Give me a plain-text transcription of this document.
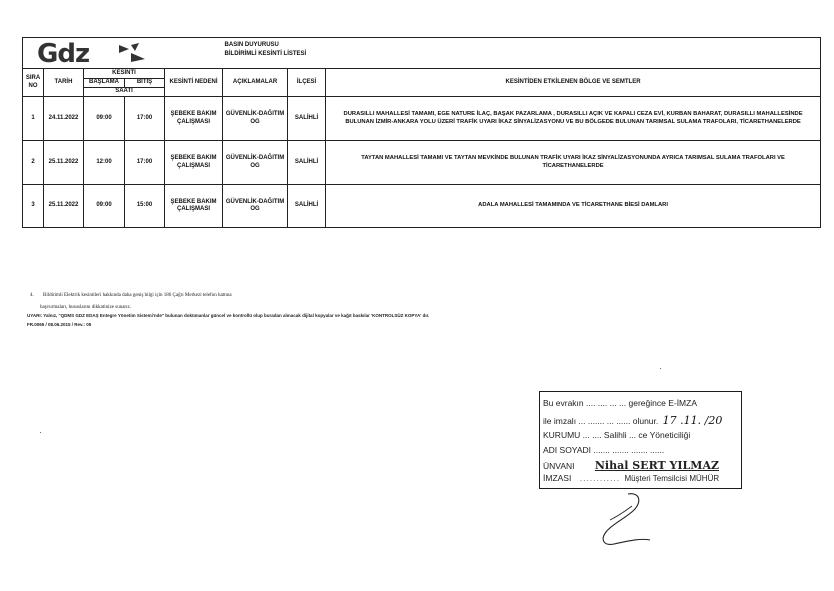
Gdz					BASIN DUYURUSU
BİLDİRİMLİ KESİNTİ LİSTESİ		

SIRA NO	TARİH	KESİNTİ		KESİNTİ NEDENİ	AÇIKLAMALAR	İLÇESİ	KESİNTİDEN ETKİLENEN BÖLGE VE SEMTLER
		BAŞLAMA	BİTİŞ				
		SAATİ					
1	24.11.2022	09:00	17:00	ŞEBEKE BAKIM ÇALIŞMASI	GÜVENLİK-DAĞITIM OG	SALİHLİ	DURASILLI MAHALLESİ TAMAMI, EGE NATURE İLAÇ, BAŞAK PAZARLAMA , DURASILLI AÇIK VE KAPALI CEZA EVİ, KURBAN BAHARAT, DURASILLI MAHALLESİNDE BULUNAN İZMİR-ANKARA YOLU ÜZERİ TRAFİK UYARI İKAZ SİNYALİZASYONU VE BU BÖLGEDE BULUNAN TARIMSAL SULAMA TRAFOLARI, TİCARETHANELERDE
2	25.11.2022	12:00	17:00	ŞEBEKE BAKIM ÇALIŞMASI	GÜVENLİK-DAĞITIM OG	SALİHLİ	TAYTAN MAHALLESİ TAMAMI VE TAYTAN MEVKİNDE BULUNAN TRAFİK UYARI İKAZ SİNYALİZASYONUNDA AYRICA TARIMSAL SULAMA TRAFOLARI VE TİCARETHANELERDE
3	25.11.2022	09:00	15:00	ŞEBEKE BAKIM ÇALIŞMASI	GÜVENLİK-DAĞITIM OG	SALİHLİ	ADALA MAHALLESİ TAMAMINDA VE TİCARETHANE BİESİ DAMLARI
4. Bildirimli Elektrik kesintileri hakkında daha geniş bilgi için 186 Çağrı Merkezi telefon hattına
başvurmaları, hususlarını dikkatinize sunarız.
UYARI: Yalnız, "QDMS GDZ EDAŞ Entegre Yönetim Sistemi'nde" bulunan dokümanlar güncel ve kontrollü olup buradan alınacak dijital kopyalar ve kağıt baskılar 'KONTROLSÜZ KOPYA' dır.
FR.0065 / 08.06.2015 / Rev.: 05
Bu evrakın .... .... ... ... gereğince E-İMZA
ile imzalı ... ....... ... ...... olunur. 17 .11. /20
KURUMU ... .... Salihli ... ce Yöneticiliği
ADI SOYADI ....... ....... ....... ......
ÜNVANI Nihal SERT YILMAZ
İMZASI ............ Müşteri Temsilcisi MÜHÜR
